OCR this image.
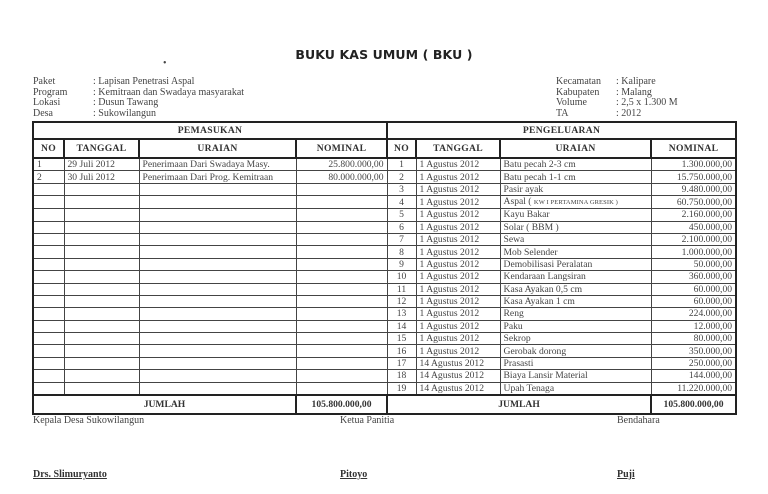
BUKU KAS UMUM ( BKU )
•
Paket	: Lapisan Penetrasi Aspal
Program	: Kemitraan dan Swadaya masyarakat
Lokasi	: Dusun Tawang
Desa	: Sukowilangun
Kecamatan	: Kalipare
Kabupaten	: Malang
Volume	: 2,5 x 1.300 M
TA	: 2012
PEMASUKAN				PENGELUARAN			
NO	TANGGAL	URAIAN	NOMINAL	NO	TANGGAL	URAIAN	NOMINAL
1	29 Juli 2012	Penerimaan Dari Swadaya Masy.	25.800.000,00	1	1 Agustus 2012	Batu pecah 2-3 cm	1.300.000,00
2	30 Juli 2012	Penerimaan Dari Prog. Kemitraan	80.000.000,00	2	1 Agustus 2012	Batu pecah 1-1 cm	15.750.000,00
				3	1 Agustus 2012	Pasir ayak	9.480.000,00
				4	1 Agustus 2012	Aspal ( KW I PERTAMINA GRESIK )	60.750.000,00
				5	1 Agustus 2012	Kayu Bakar	2.160.000,00
				6	1 Agustus 2012	Solar ( BBM )	450.000,00
				7	1 Agustus 2012	Sewa	2.100.000,00
				8	1 Agustus 2012	Mob Selender	1.000.000,00
				9	1 Agustus 2012	Demobilisasi Peralatan	50.000,00
				10	1 Agustus 2012	Kendaraan Langsiran	360.000,00
				11	1 Agustus 2012	Kasa Ayakan 0,5 cm	60.000,00
				12	1 Agustus 2012	Kasa Ayakan 1 cm	60.000,00
				13	1 Agustus 2012	Reng	224.000,00
				14	1 Agustus 2012	Paku	12.000,00
				15	1 Agustus 2012	Sekrop	80.000,00
				16	1 Agustus 2012	Gerobak dorong	350.000,00
				17	14 Agustus 2012	Prasasti	250.000,00
				18	14 Agustus 2012	Biaya Lansir Material	144.000,00
				19	14 Agustus 2012	Upah Tenaga	11.220.000,00
JUMLAH			105.800.000,00	JUMLAH			105.800.000,00
Kepala Desa Sukowilangun	Ketua Panitia	Bendahara
Drs. Slimuryanto	Pitoyo	Puji
